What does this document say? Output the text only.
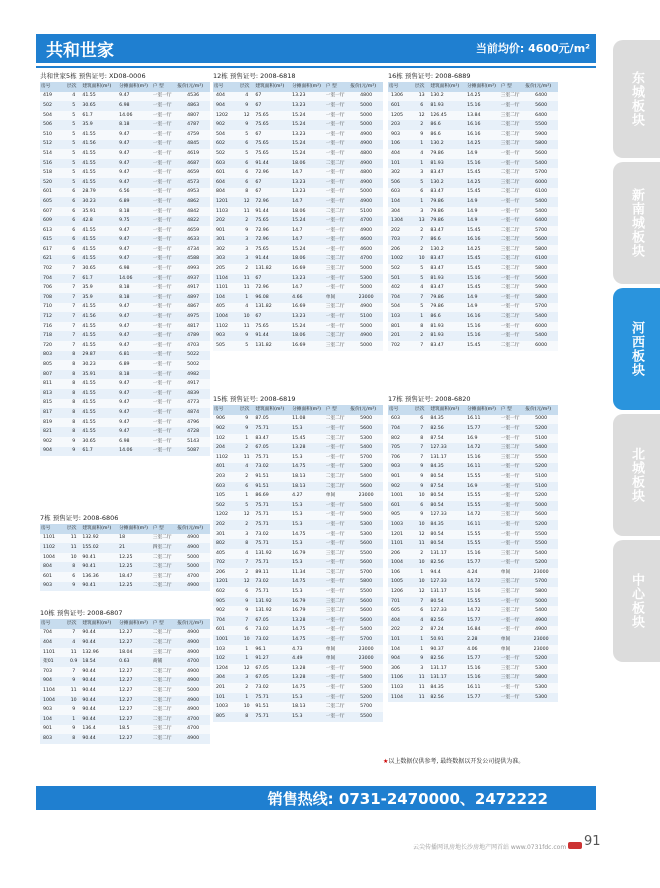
共和世家	当前均价: 4600元/m²
共和世家5栋 预售证号: XD08-0006
房号	层次	建筑面积(m²)	分摊面积(m²)	户 型	报价(元/m²)
419	4	41.55	9.47	一室一厅	4536
502	5	30.65	6.98	一室一厅	4863
504	5	61.7	14.06	一室一厅	4807
506	5	35.9	8.18	一室一厅	4787
510	5	41.55	9.47	一室一厅	4759
512	5	41.56	9.47	一室一厅	4845
514	5	41.55	9.47	一室一厅	4619
516	5	41.55	9.47	一室一厅	4687
518	5	41.55	9.47	一室一厅	4659
520	5	41.55	9.47	一室一厅	4573
601	6	28.79	6.56	一室一厅	4953
605	6	30.23	6.89	一室一厅	4862
607	6	35.91	8.18	一室一厅	4842
609	6	42.8	9.75	一室一厅	4822
613	6	41.55	9.47	一室一厅	4659
615	6	41.55	9.47	一室一厅	4633
617	6	41.55	9.47	一室一厅	4734
621	6	41.55	9.47	一室一厅	4588
702	7	30.65	6.98	一室一厅	4993
704	7	61.7	14.06	一室一厅	4937
706	7	35.9	8.18	一室一厅	4917
708	7	35.9	8.18	一室一厅	4897
710	7	41.55	9.47	一室一厅	4867
712	7	41.56	9.47	一室一厅	4975
716	7	41.55	9.47	一室一厅	4817
718	7	41.55	9.47	一室一厅	4789
720	7	41.55	9.47	一室一厅	4703
803	8	29.87	6.81	一室一厅	5022
805	8	30.23	6.89	一室一厅	5002
807	8	35.91	8.18	一室一厅	4982
811	8	41.55	9.47	一室一厅	4917
813	8	41.55	9.47	一室一厅	4839
815	8	41.55	9.47	一室一厅	4773
817	8	41.55	9.47	一室一厅	4874
819	8	41.55	9.47	一室一厅	4796
821	8	41.55	9.47	一室一厅	4728
902	9	30.65	6.98	一室一厅	5143
904	9	61.7	14.06	一室一厅	5087
7栋 预售证号: 2008-6806
房号	层次	建筑面积(m²)	分摊面积(m²)	户 型	报价(元/m²)
1101	11	132.92	18	三室二厅	4900
1102	11	155.02	21	四室二厅	4900
1004	10	90.41	12.25	二室二厅	5000
804	8	90.41	12.25	二室二厅	5000
601	6	136.36	18.47	三室二厅	4700
903	9	90.41	12.25	二室二厅	4900
10栋 预售证号: 2008-6807
房号	层次	建筑面积(m²)	分摊面积(m²)	户 型	报价(元/m²)
704	7	90.44	12.27	二室二厅	4900
404	4	90.44	12.27	二室二厅	4900
1101	11	132.96	18.04	三室二厅	4900
架01	0.9	18.54	0.63	商铺	4700
703	7	90.44	12.27	二室二厅	4900
904	9	90.44	12.27	二室二厅	4900
1104	11	90.44	12.27	二室二厅	5000
1004	10	90.44	12.27	二室二厅	4900
903	9	90.44	12.27	二室二厅	4900
104	1	90.44	12.27	二室二厅	4700
901	9	136.4	18.5	三室二厅	4700
803	8	90.44	12.27	二室二厅	4900
12栋 预售证号: 2008-6818
房号	层次	建筑面积(m²)	分摊面积(m²)	户 型	报价(元/m²)
404	4	67	13.23	一室一厅	4800
904	9	67	13.23	一室一厅	5000
1202	12	75.65	15.24	一室一厅	5000
902	9	75.65	15.24	一室一厅	5000
504	5	67	13.23	一室一厅	4900
602	6	75.65	15.24	一室一厅	4900
502	5	75.65	15.24	一室一厅	4800
603	6	91.44	18.06	二室二厅	4900
601	6	72.96	14.7	一室一厅	4800
604	6	67	13.23	一室一厅	4900
804	8	67	13.23	一室一厅	5000
1201	12	72.96	14.7	一室一厅	4900
1103	11	91.44	18.06	二室二厅	5100
202	2	75.65	15.24	一室一厅	4700
901	9	72.96	14.7	一室一厅	4900
301	3	72.96	14.7	一室一厅	4600
302	3	75.65	15.24	一室一厅	4600
303	3	91.44	18.06	二室二厅	4700
205	2	131.82	16.69	三室二厅	5000
1104	11	67	13.23	一室一厅	5300
1101	11	72.96	14.7	一室一厅	5000
104	1	96.08	4.66	单间	23000
405	4	131.82	16.69	三室二厅	4900
1004	10	67	13.23	一室一厅	5100
1102	11	75.65	15.24	一室一厅	5000
903	9	91.44	18.06	二室二厅	4900
505	5	131.82	16.69	三室二厅	5000
15栋 预售证号: 2008-6819
房号	层次	建筑面积(m²)	分摊面积(m²)	户 型	报价(元/m²)
906	9	87.05	11.08	二室二厅	5900
902	9	75.71	15.3	一室一厅	5600
102	1	83.47	15.45	二室二厅	5300
204	2	67.05	13.28	一室一厅	5400
1102	11	75.71	15.3	一室一厅	5700
401	4	73.02	14.75	一室一厅	5300
203	2	91.51	18.13	二室二厅	5400
603	6	91.51	18.13	二室二厅	5600
105	1	86.69	4.27	单间	23000
502	5	75.71	15.3	一室一厅	5400
1202	12	75.71	15.3	一室一厅	5900
202	2	75.71	15.3	一室一厅	5300
301	3	73.02	14.75	一室一厅	5300
802	8	75.71	15.3	一室一厅	5600
405	4	131.92	16.79	三室二厅	5500
702	7	75.71	15.3	一室一厅	5600
206	2	89.11	11.34	二室二厅	5700
1201	12	73.02	14.75	一室一厅	5800
602	6	75.71	15.3	一室一厅	5500
905	9	131.92	16.79	三室二厅	5600
902	9	131.92	16.79	三室二厅	5600
704	7	67.05	13.28	一室一厅	5600
601	6	73.02	14.75	一室一厅	5400
1001	10	73.02	14.75	一室一厅	5700
103	1	96.1	4.73	单间	23000
102	1	91.27	4.49	单间	23000
1204	12	67.05	13.28	一室一厅	5900
304	3	67.05	13.28	一室一厅	5400
201	2	73.02	14.75	一室一厅	5300
101	1	75.71	15.3	一室一厅	5200
1003	10	91.51	18.13	二室二厅	5700
805	8	75.71	15.3	一室一厅	5500
16栋 预售证号: 2008-6889
房号	层次	建筑面积(m²)	分摊面积(m²)	户 型	报价(元/m²)
1306	13	130.2	14.25	三室二厅	6400
601	6	81.93	15.16	一室一厅	5600
1205	12	126.45	13.84	三室二厅	6400
203	2	86.6	16.16	二室二厅	5500
903	9	86.6	16.16	二室二厅	5900
106	1	130.2	14.25	三室二厅	5800
404	4	79.86	14.9	一室一厅	5600
101	1	81.93	15.16	一室一厅	5400
302	3	83.47	15.45	二室二厅	5700
506	5	130.2	14.25	三室二厅	6000
603	6	83.47	15.45	二室二厅	6100
104	1	79.86	14.9	一室一厅	5400
304	3	79.86	14.9	一室一厅	5400
1304	13	79.86	14.9	一室一厅	6400
202	2	83.47	15.45	二室二厅	5700
703	7	86.6	16.16	二室二厅	5600
206	2	130.2	14.25	三室二厅	5800
1002	10	83.47	15.45	二室二厅	6100
502	5	83.47	15.45	二室二厅	5800
501	5	81.93	15.16	一室一厅	5600
402	4	83.47	15.45	二室二厅	5900
704	7	79.86	14.9	一室一厅	5800
504	5	79.86	14.9	一室一厅	5700
103	1	86.6	16.16	二室二厅	5400
801	8	81.93	15.16	一室一厅	6000
201	2	81.93	15.16	一室一厅	5400
702	7	83.47	15.45	二室二厅	6000
17栋 预售证号: 2008-6820
房号	层次	建筑面积(m²)	分摊面积(m²)	户 型	报价(元/m²)
603	6	84.35	16.11	一室一厅	5000
704	7	82.56	15.77	一室一厅	5200
802	8	87.54	16.9	一室一厅	5100
705	7	127.33	14.72	三室二厅	5400
706	7	131.17	15.16	三室二厅	5500
903	9	84.35	16.11	一室一厅	5200
901	9	80.54	15.55	一室一厅	5100
902	9	87.54	16.9	一室一厅	5100
1001	10	80.54	15.55	一室一厅	5200
601	6	80.54	15.55	一室一厅	5000
905	9	127.33	14.72	三室二厅	5600
1003	10	84.35	16.11	一室一厅	5200
1201	12	80.54	15.55	一室一厅	5500
1101	11	80.54	15.55	一室一厅	5500
206	2	131.17	15.16	三室二厅	5400
1004	10	82.56	15.77	一室一厅	5200
106	1	94.4	4.24	单间	23000
1005	10	127.33	14.72	三室二厅	5700
1206	12	131.17	15.16	三室二厅	5800
701	7	80.54	15.55	一室一厅	5000
605	6	127.33	14.72	三室二厅	5400
404	4	82.56	15.77	一室一厅	4900
202	2	87.24	16.84	一室一厅	4900
101	1	50.91	2.28	单间	23000
104	1	90.37	4.06	单间	23000
904	9	82.56	15.77	一室一厅	5200
306	3	131.17	15.16	三室二厅	5300
1106	11	131.17	15.16	三室二厅	5800
1103	11	84.35	16.11	一室一厅	5300
1104	11	82.56	15.77	一室一厅	5300
★以上数据仅供参考, 最终数据以开发公司提供为准。
销售热线: 0731-2470000、2472222
东城板块
新南城板块
河西板块
北城板块
中心板块
云尖传播网讯房地长沙房地产网首站 www.0731fdc.com 91
